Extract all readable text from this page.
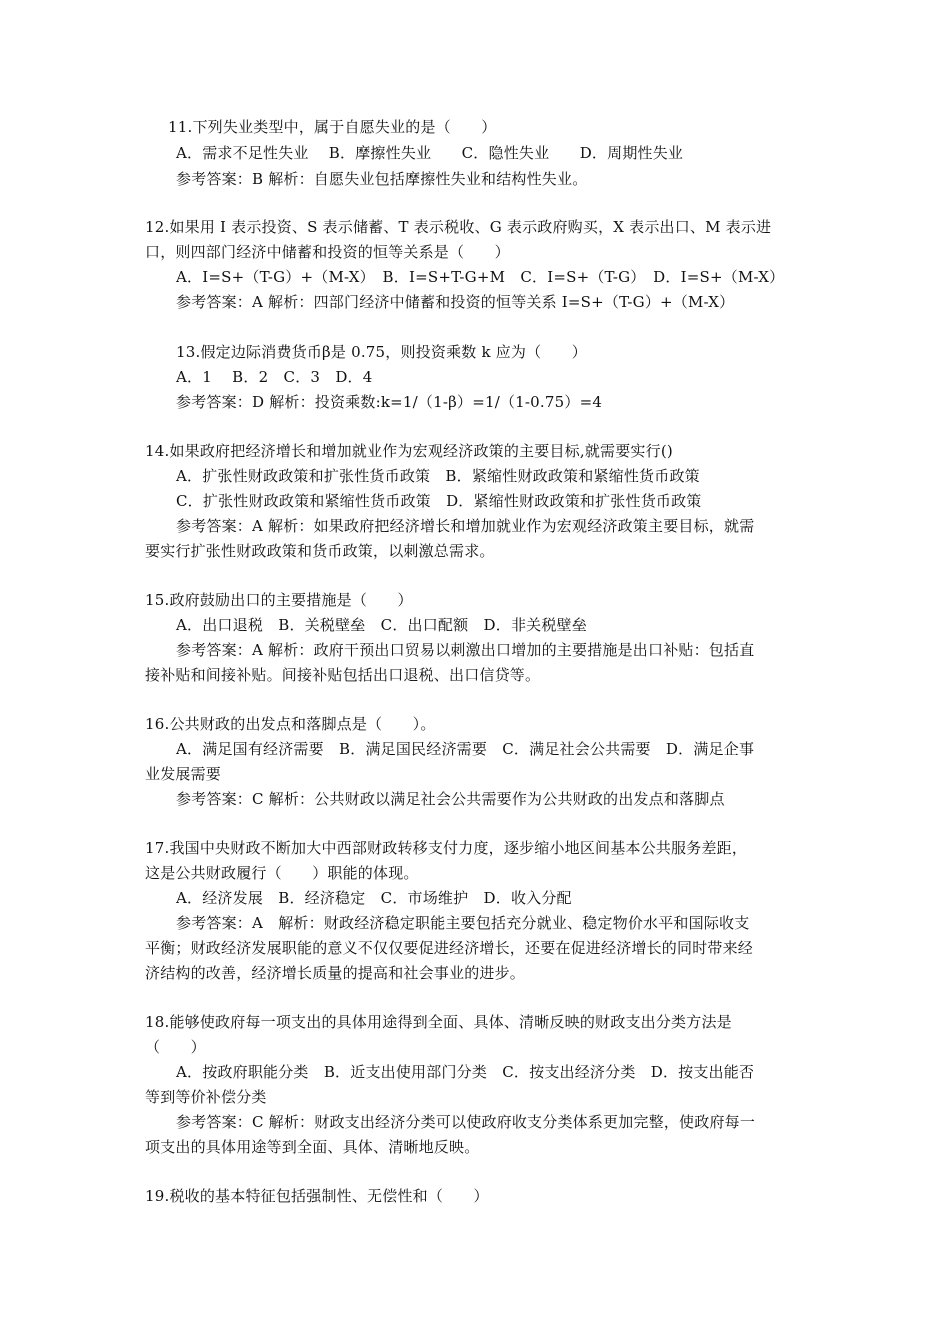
11.下列失业类型中，属于自愿失业的是（　　）
A．需求不足性失业　 B．摩擦性失业　　C．隐性失业　　D．周期性失业
参考答案：B 解析：自愿失业包括摩擦性失业和结构性失业。
12.如果用 I 表示投资、S 表示储蓄、T 表示税收、G 表示政府购买，X 表示出口、M 表示进
口，则四部门经济中储蓄和投资的恒等关系是（　　）
A．I=S+（T-G）+（M-X）　B．I=S+T-G+M　C．I=S+（T-G）　D．I=S+（M-X）
参考答案：A 解析：四部门经济中储蓄和投资的恒等关系 I=S+（T-G）+（M-X）
13.假定边际消费货币β是 0.75，则投资乘数 k 应为（　　）
A．1　 B．2　C．3　D．4
参考答案：D 解析：投资乘数:k=1/（1-β）=1/（1-0.75）=4
14.如果政府把经济增长和增加就业作为宏观经济政策的主要目标,就需要实行()
A．扩张性财政政策和扩张性货币政策　B．紧缩性财政政策和紧缩性货币政策
C．扩张性财政政策和紧缩性货币政策　D．紧缩性财政政策和扩张性货币政策
参考答案：A 解析：如果政府把经济增长和增加就业作为宏观经济政策主要目标，就需
要实行扩张性财政政策和货币政策，以刺激总需求。
15.政府鼓励出口的主要措施是（　　）
A．出口退税　B．关税壁垒　C．出口配额　D．非关税壁垒
参考答案：A 解析：政府干预出口贸易以刺激出口增加的主要措施是出口补贴：包括直
接补贴和间接补贴。间接补贴包括出口退税、出口信贷等。
16.公共财政的出发点和落脚点是（　　）。
A．满足国有经济需要　B．满足国民经济需要　C．满足社会公共需要　D．满足企事
业发展需要
参考答案：C 解析：公共财政以满足社会公共需要作为公共财政的出发点和落脚点
17.我国中央财政不断加大中西部财政转移支付力度，逐步缩小地区间基本公共服务差距，
这是公共财政履行（　　）职能的体现。
A．经济发展　B．经济稳定　C．市场维护　D．收入分配
参考答案：A　解析：财政经济稳定职能主要包括充分就业、稳定物价水平和国际收支
平衡；财政经济发展职能的意义不仅仅要促进经济增长，还要在促进经济增长的同时带来经
济结构的改善，经济增长质量的提高和社会事业的进步。
18.能够使政府每一项支出的具体用途得到全面、具体、清晰反映的财政支出分类方法是
（　　）
A．按政府职能分类　B．近支出使用部门分类　C．按支出经济分类　D．按支出能否
等到等价补偿分类
参考答案：C 解析：财政支出经济分类可以使政府收支分类体系更加完整，使政府每一
项支出的具体用途等到全面、具体、清晰地反映。
19.税收的基本特征包括强制性、无偿性和（　　）
